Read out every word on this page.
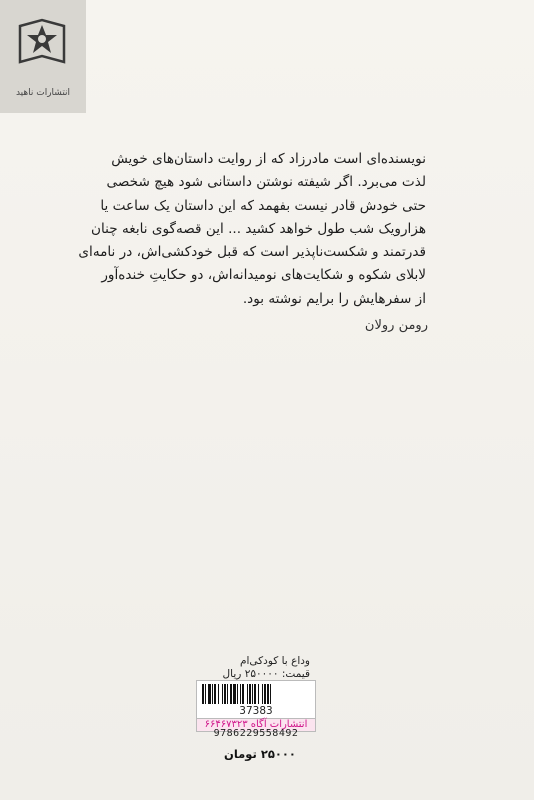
انتشارات ناهید
نویسنده‌ای است مادرزاد که از روایت داستان‌های خویش
لذت می‌برد. اگر شیفته نوشتن داستانی شود هیچ شخصی
حتی خودش قادر نیست بفهمد که این داستان یک ساعت یا
هزارویک شب طول خواهد کشید ... این قصه‌گوی نابغه چنان
قدرتمند و شکست‌ناپذیر است که قبل خودکشی‌اش، در نامه‌ای
لابلای شکوه و شکایت‌های نومیدانه‌اش، دو حکایتِ خنده‌آور
از سفرهایش را برایم نوشته بود.
رومن رولان
وداع با کودکی‌ام
قیمت: ۲۵۰۰۰۰ ریال
37383
انتشارات آگاه ۶۶۴۶۷۳۲۳
9786229558492
۲۵۰۰۰ تومان
